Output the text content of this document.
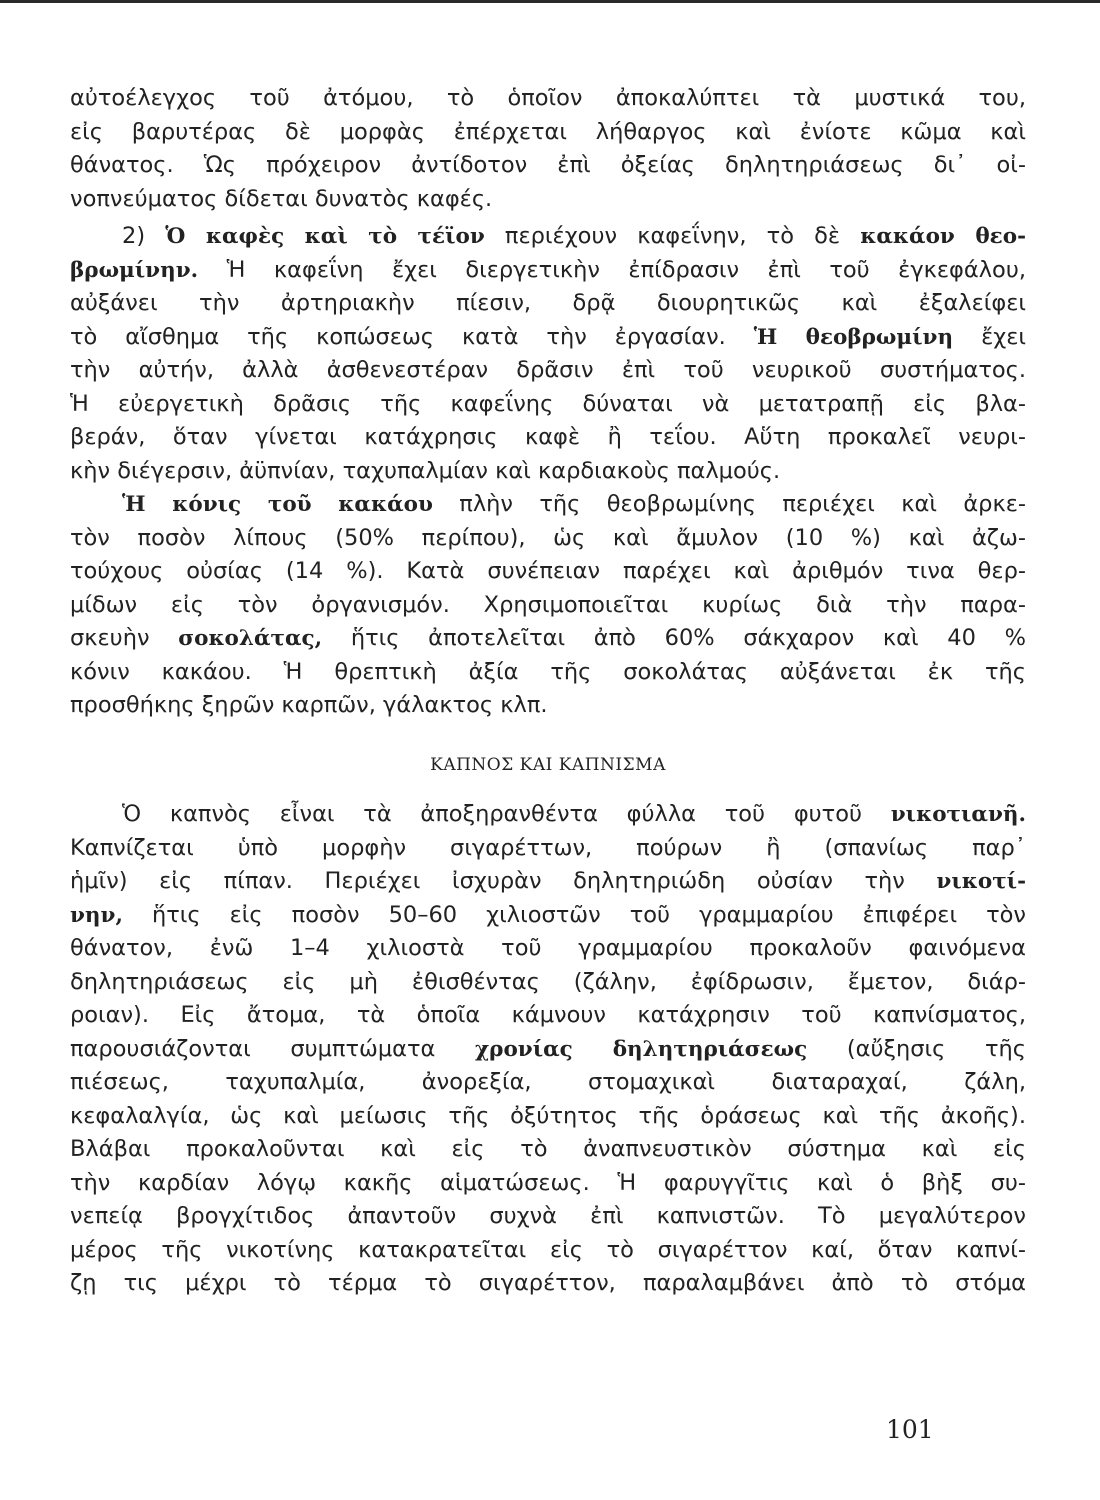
αὐτοέλεγχος τοῦ ἀτόμου, τὸ ὁποῖον ἀποκαλύπτει τὰ μυστικά του,
εἰς βαρυτέρας δὲ μορφὰς ἐπέρχεται λήθαργος καὶ ἐνίοτε κῶμα καὶ
θάνατος. Ὡς πρόχειρον ἀντίδοτον ἐπὶ ὀξείας δηλητηριάσεως δι᾽ οἰ-
νοπνεύματος δίδεται δυνατὸς καφές.
2) Ὁ καφὲς καὶ τὸ τέϊον περιέχουν καφεΐνην, τὸ δὲ κακάον θεο-
βρωμίνην. Ἡ καφεΐνη ἔχει διεργετικὴν ἐπίδρασιν ἐπὶ τοῦ ἐγκεφάλου,
αὐξάνει τὴν ἀρτηριακὴν πίεσιν, δρᾷ διουρητικῶς καὶ ἐξαλείφει
τὸ αἴσθημα τῆς κοπώσεως κατὰ τὴν ἐργασίαν. Ἡ θεοβρωμίνη ἔχει
τὴν αὐτήν, ἀλλὰ ἀσθενεστέραν δρᾶσιν ἐπὶ τοῦ νευρικοῦ συστήματος.
Ἡ εὐεργετικὴ δρᾶσις τῆς καφεΐνης δύναται νὰ μετατραπῇ εἰς βλα-
βεράν, ὅταν γίνεται κατάχρησις καφὲ ἢ τεΐου. Αὕτη προκαλεῖ νευρι-
κὴν διέγερσιν, ἀϋπνίαν, ταχυπαλμίαν καὶ καρδιακοὺς παλμούς.
Ἡ κόνις τοῦ κακάου πλὴν τῆς θεοβρωμίνης περιέχει καὶ ἀρκε-
τὸν ποσὸν λίπους (50% περίπου), ὡς καὶ ἄμυλον (10 %) καὶ ἀζω-
τούχους οὐσίας (14 %). Κατὰ συνέπειαν παρέχει καὶ ἀριθμόν τινα θερ-
μίδων εἰς τὸν ὀργανισμόν. Χρησιμοποιεῖται κυρίως διὰ τὴν παρα-
σκευὴν σοκολάτας, ἥτις ἀποτελεῖται ἀπὸ 60% σάκχαρον καὶ 40 %
κόνιν κακάου. Ἡ θρεπτικὴ ἀξία τῆς σοκολάτας αὐξάνεται ἐκ τῆς
προσθήκης ξηρῶν καρπῶν, γάλακτος κλπ.
ΚΑΠΝΟΣ ΚΑΙ ΚΑΠΝΙΣΜΑ
Ὁ καπνὸς εἶναι τὰ ἀποξηρανθέντα φύλλα τοῦ φυτοῦ νικοτιανῆ.
Καπνίζεται ὑπὸ μορφὴν σιγαρέττων, πούρων ἢ (σπανίως παρ᾽
ἡμῖν) εἰς πίπαν. Περιέχει ἰσχυρὰν δηλητηριώδη οὐσίαν τὴν νικοτί-
νην, ἥτις εἰς ποσὸν 50–60 χιλιοστῶν τοῦ γραμμαρίου ἐπιφέρει τὸν
θάνατον, ἐνῶ 1–4 χιλιοστὰ τοῦ γραμμαρίου προκαλοῦν φαινόμενα
δηλητηριάσεως εἰς μὴ ἐθισθέντας (ζάλην, ἐφίδρωσιν, ἔμετον, διάρ-
ροιαν). Εἰς ἄτομα, τὰ ὁποῖα κάμνουν κατάχρησιν τοῦ καπνίσματος,
παρουσιάζονται συμπτώματα χρονίας δηλητηριάσεως (αὔξησις τῆς
πιέσεως, ταχυπαλμία, ἀνορεξία, στομαχικαὶ διαταραχαί, ζάλη,
κεφαλαλγία, ὡς καὶ μείωσις τῆς ὀξύτητος τῆς ὁράσεως καὶ τῆς ἀκοῆς).
Βλάβαι προκαλοῦνται καὶ εἰς τὸ ἀναπνευστικὸν σύστημα καὶ εἰς
τὴν καρδίαν λόγῳ κακῆς αἱματώσεως. Ἡ φαρυγγῖτις καὶ ὁ βὴξ συ-
νεπείᾳ βρογχίτιδος ἀπαντοῦν συχνὰ ἐπὶ καπνιστῶν. Τὸ μεγαλύτερον
μέρος τῆς νικοτίνης κατακρατεῖται εἰς τὸ σιγαρέττον καί, ὅταν καπνί-
ζῃ τις μέχρι τὸ τέρμα τὸ σιγαρέττον, παραλαμβάνει ἀπὸ τὸ στόμα
101
